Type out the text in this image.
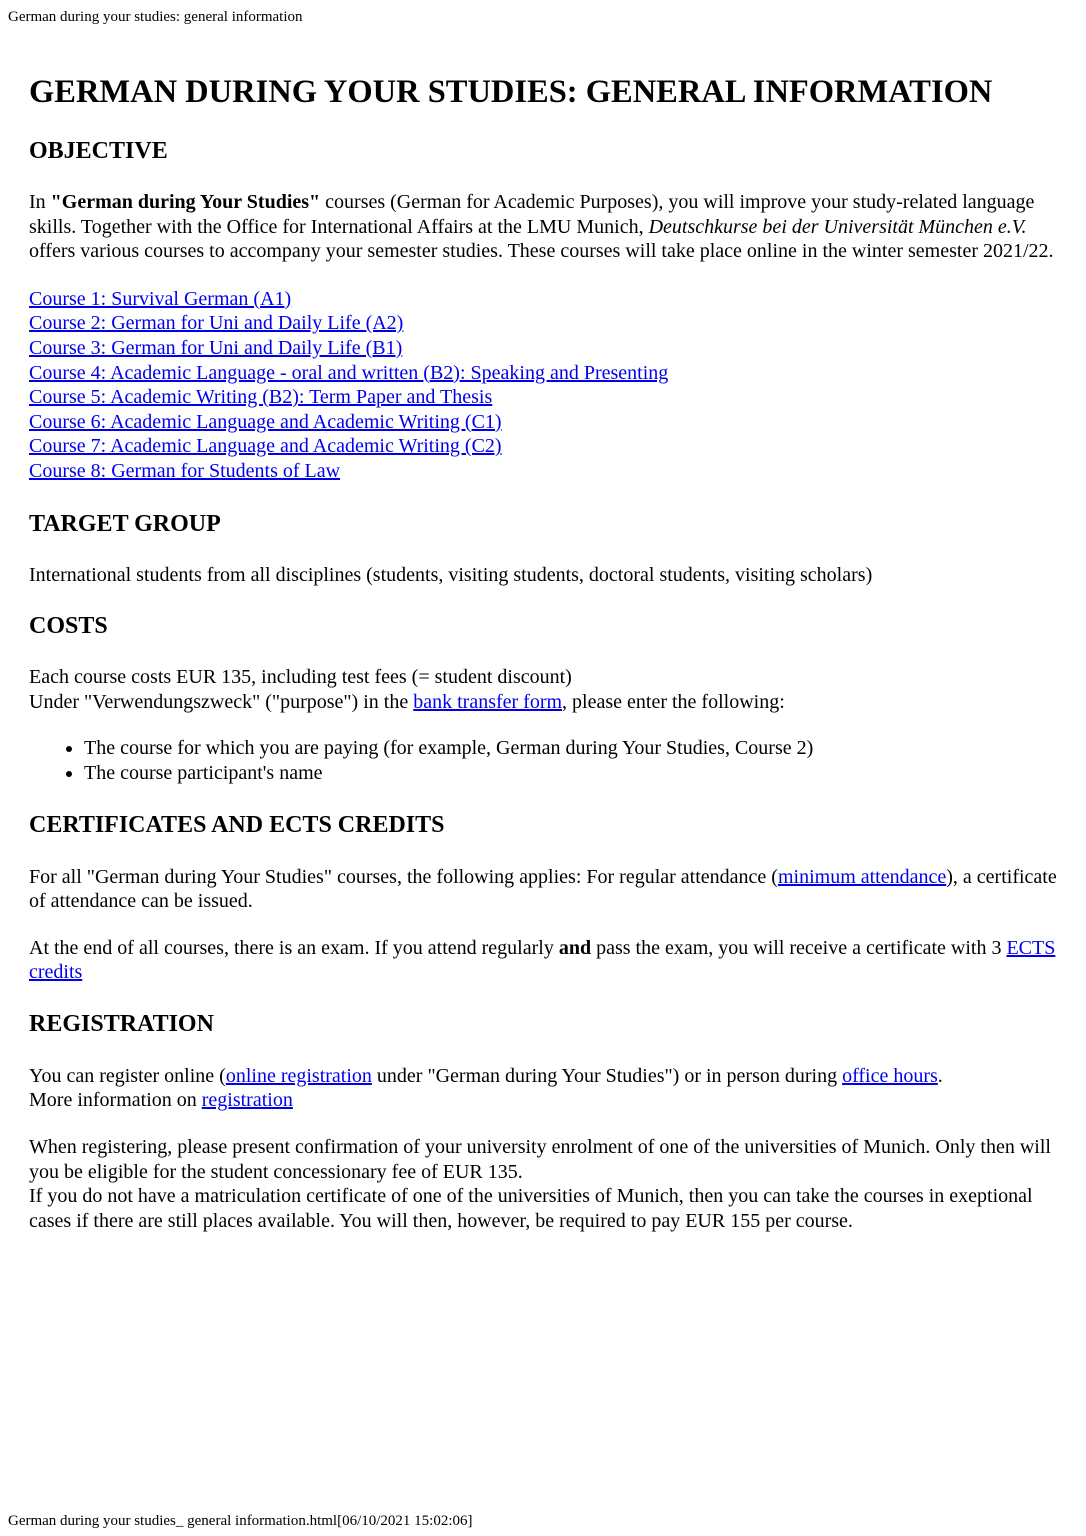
German during your studies: general information
GERMAN DURING YOUR STUDIES: GENERAL INFORMATION
OBJECTIVE

In "German during Your Studies" courses (German for Academic Purposes), you will improve your study-related language skills. Together with the Office for International Affairs at the LMU Munich, Deutschkurse bei der Universität München e.V. offers various courses to accompany your semester studies. These courses will take place online in the winter semester 2021/22.

Course 1: Survival German (A1)
Course 2: German for Uni and Daily Life (A2)
Course 3: German for Uni and Daily Life (B1)
Course 4: Academic Language - oral and written (B2): Speaking and Presenting
Course 5: Academic Writing (B2): Term Paper and Thesis
Course 6: Academic Language and Academic Writing (C1)
Course 7: Academic Language and Academic Writing (C2)
Course 8: German for Students of Law

TARGET GROUP

International students from all disciplines (students, visiting students, doctoral students, visiting scholars)

COSTS

Each course costs EUR 135, including test fees (= student discount)
Under "Verwendungszweck" ("purpose") in the bank transfer form, please enter the following:

• The course for which you are paying (for example, German during Your Studies, Course 2)
• The course participant's name
CERTIFICATES AND ECTS CREDITS

For all "German during Your Studies" courses, the following applies: For regular attendance (minimum attendance), a certificate of attendance can be issued.

At the end of all courses, there is an exam. If you attend regularly and pass the exam, you will receive a certificate with 3 ECTS credits

REGISTRATION

You can register online (online registration under "German during Your Studies") or in person during office hours.
More information on registration

When registering, please present confirmation of your university enrolment of one of the universities of Munich. Only then will you be eligible for the student concessionary fee of EUR 135.
If you do not have a matriculation certificate of one of the universities of Munich, then you can take the courses in exeptional cases if there are still places available. You will then, however, be required to pay EUR 155 per course.

German during your studies_ general information.html[06/10/2021 15:02:06]
